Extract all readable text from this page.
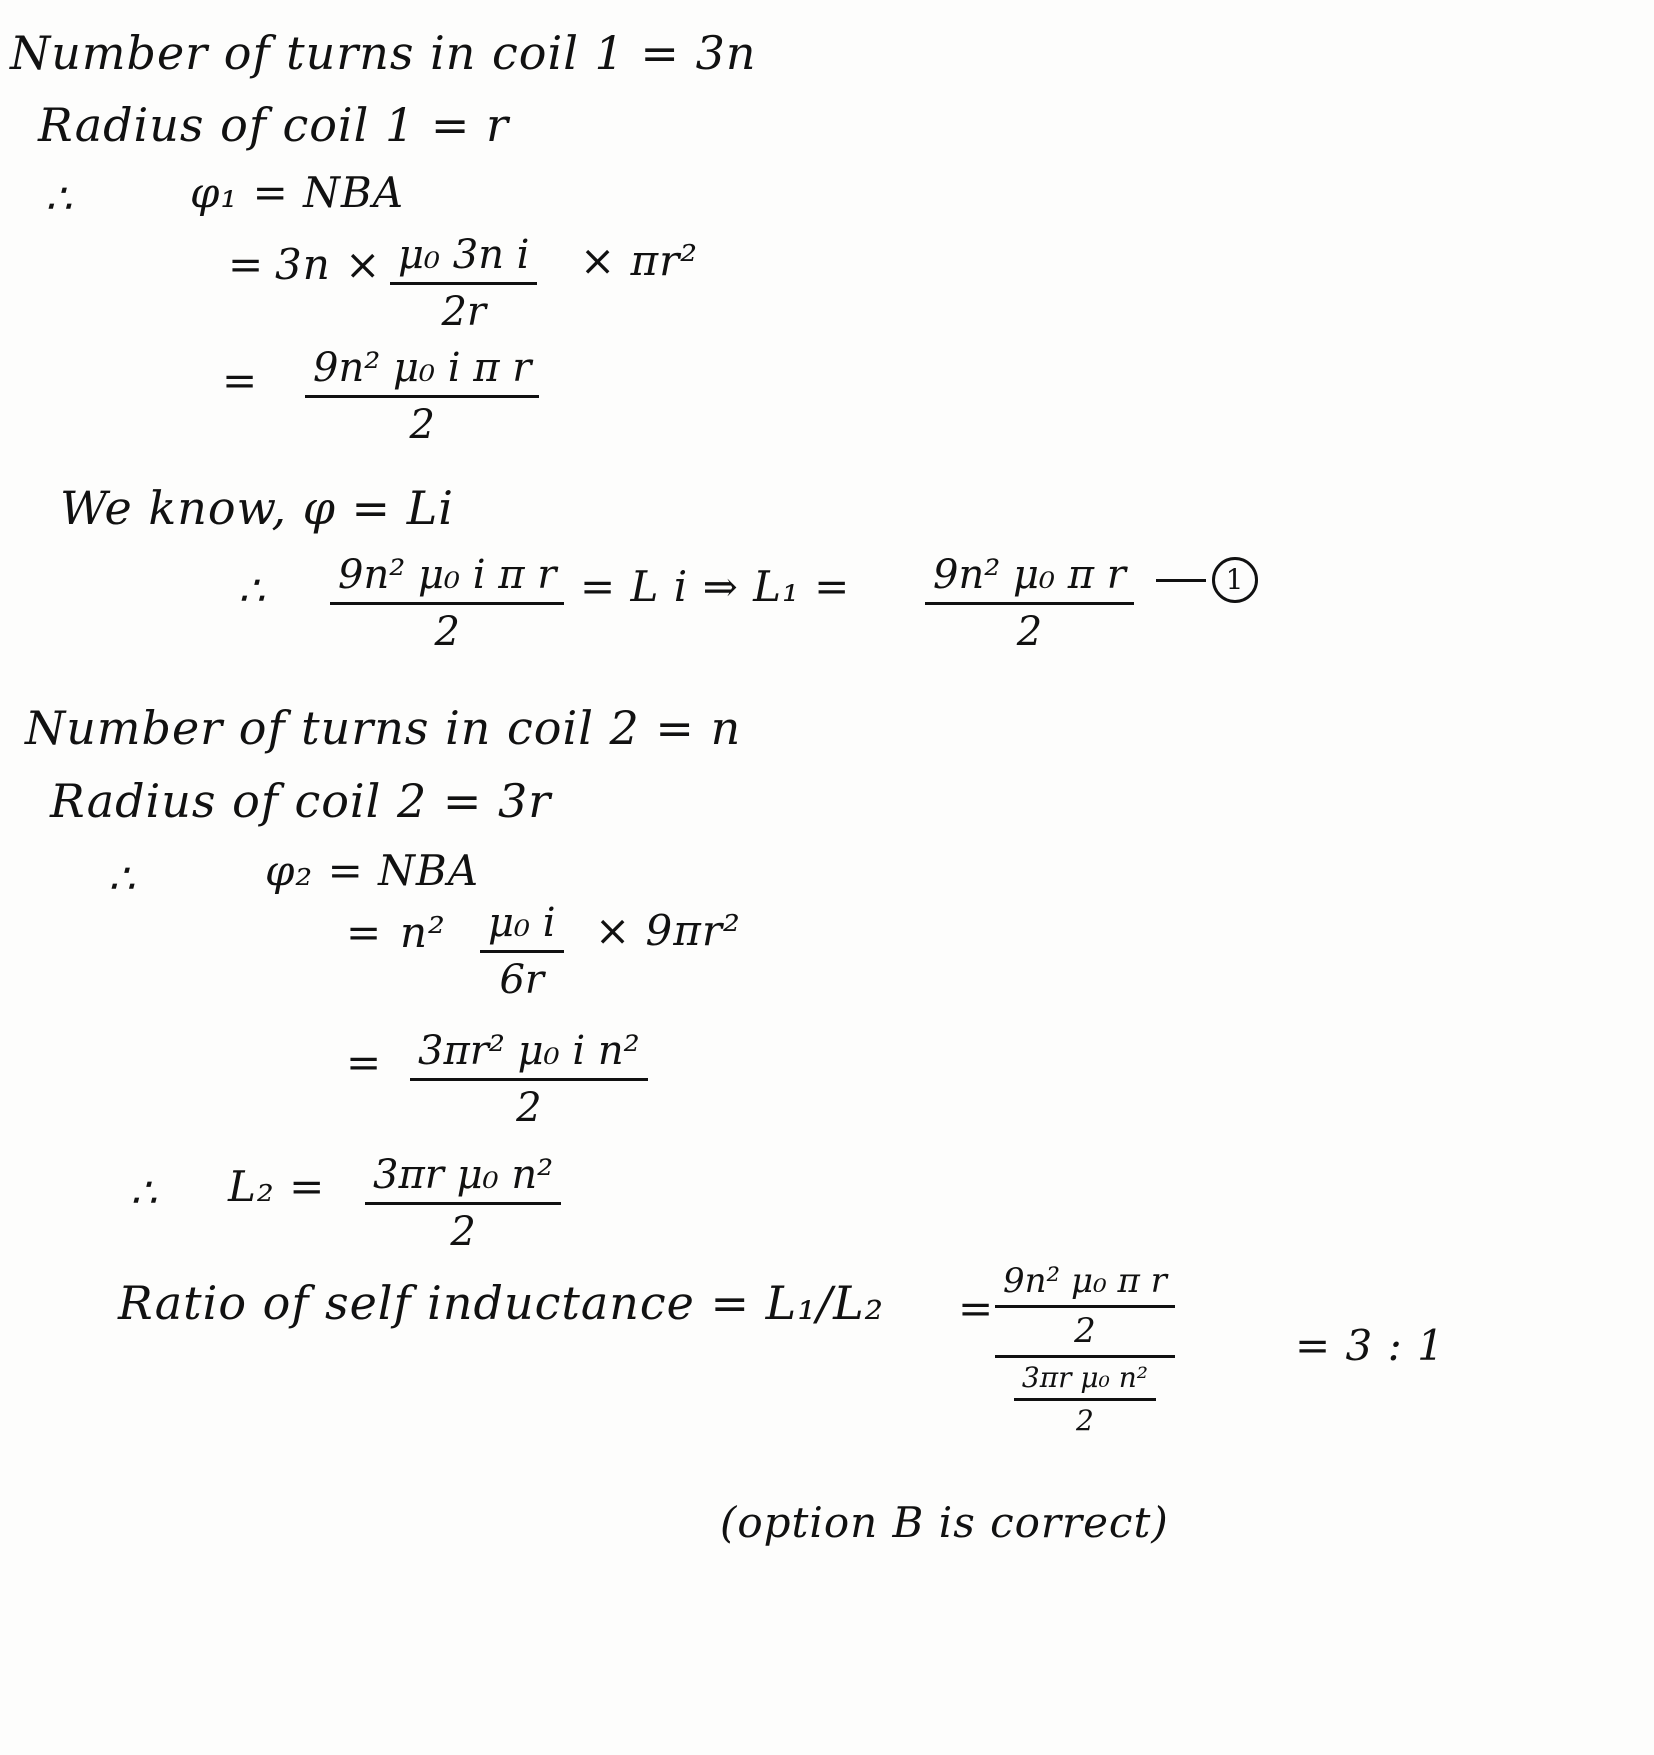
Number of turns in coil 1 = 3n
Radius of coil 1 = r
∴	φ₁ = NBA
= 3n × μ₀ 3n i
2r
× πr²
= 9n² μ₀ i π r
2
We know, φ = Li
∴ 9n² μ₀ i π r
2
= L i ⇒ L₁ = 9n² μ₀ π r
2
1
Number of turns in coil 2 = n
Radius of coil 2 = 3r
∴	φ₂ = NBA
= n² μ₀ i
6r
× 9πr²
= 3πr² μ₀ i n²
2
∴ L₂ = 3πr μ₀ n²
2
Ratio of self inductance = $L_1/L_2 = \frac{\text{9n² μ₀ π r}}{2}$
$\frac{\text{3πr μ₀ n²}}{2}$
= 3 : 1
(option B is correct)
